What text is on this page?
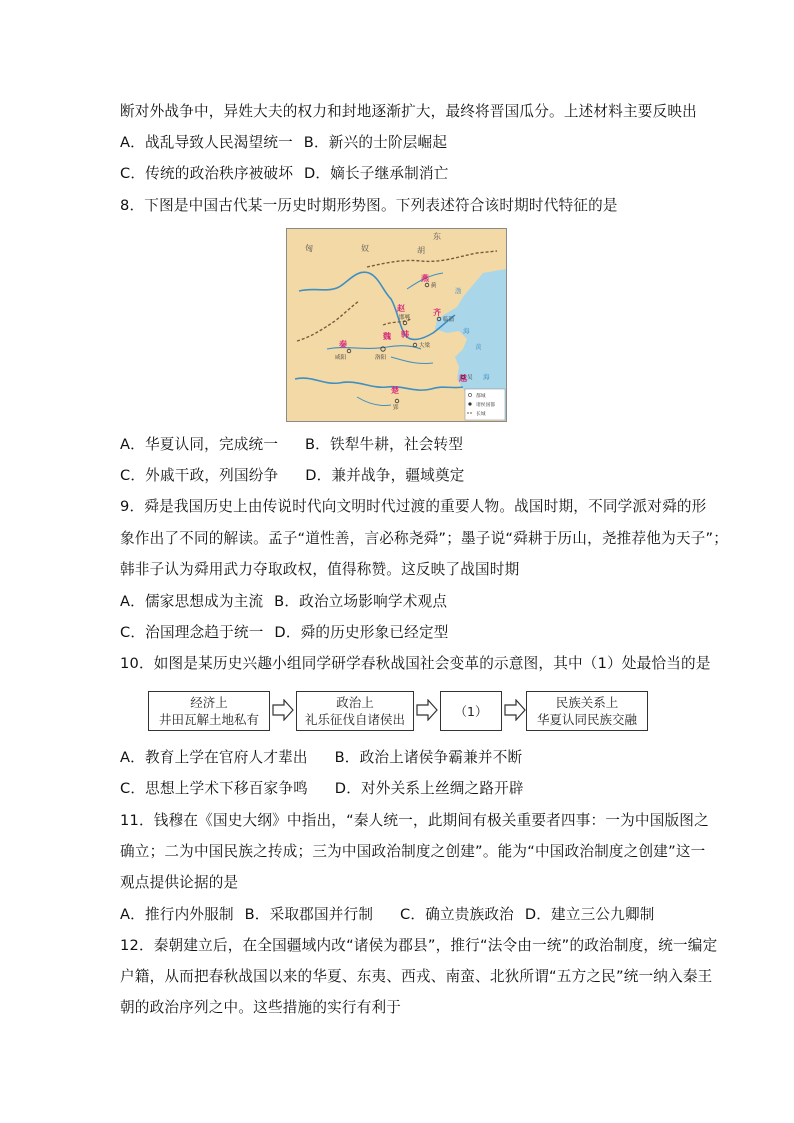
断对外战争中，异姓大夫的权力和封地逐渐扩大，最终将晋国瓜分。上述材料主要反映出
A．战乱导致人民渴望统一 B．新兴的士阶层崛起
C．传统的政治秩序被破坏 D．嫡长子继承制消亡
8．下图是中国古代某一历史时期形势图。下列表述符合该时期时代特征的是
匈	奴
东
胡
燕
赵	齐
魏 韩
秦
楚
越
邯郸	临淄
大梁
咸阳	洛阳
郢
蓟
吴
渤
海
黄
海
都城
诸侯国都
长城
A．华夏认同，完成统一 B．铁犁牛耕，社会转型
C．外戚干政，列国纷争 D．兼并战争，疆域奠定
9．舜是我国历史上由传说时代向文明时代过渡的重要人物。战国时期，不同学派对舜的形
象作出了不同的解读。孟子“道性善，言必称尧舜”；墨子说“舜耕于历山，尧推荐他为天子”；
韩非子认为舜用武力夺取政权，值得称赞。这反映了战国时期
A．儒家思想成为主流 B．政治立场影响学术观点
C．治国理念趋于统一 D．舜的历史形象已经定型
10．如图是某历史兴趣小组同学研学春秋战国社会变革的示意图，其中（1）处最恰当的是
经济上
井田瓦解土地私有
政治上
礼乐征伐自诸侯出
（1）
民族关系上
华夏认同民族交融
A．教育上学在官府人才辈出 B．政治上诸侯争霸兼并不断
C．思想上学术下移百家争鸣 D．对外关系上丝绸之路开辟
11．钱穆在《国史大纲》中指出，“秦人统一，此期间有极关重要者四事：一为中国版图之
确立；二为中国民族之抟成；三为中国政治制度之创建”。能为“中国政治制度之创建”这一
观点提供论据的是
A．推行内外服制 B．采取郡国并行制 C．确立贵族政治 D．建立三公九卿制
12．秦朝建立后，在全国疆域内改“诸侯为郡县”，推行“法令由一统”的政治制度，统一编定
户籍，从而把春秋战国以来的华夏、东夷、西戎、南蛮、北狄所谓“五方之民”统一纳入秦王
朝的政治序列之中。这些措施的实行有利于
